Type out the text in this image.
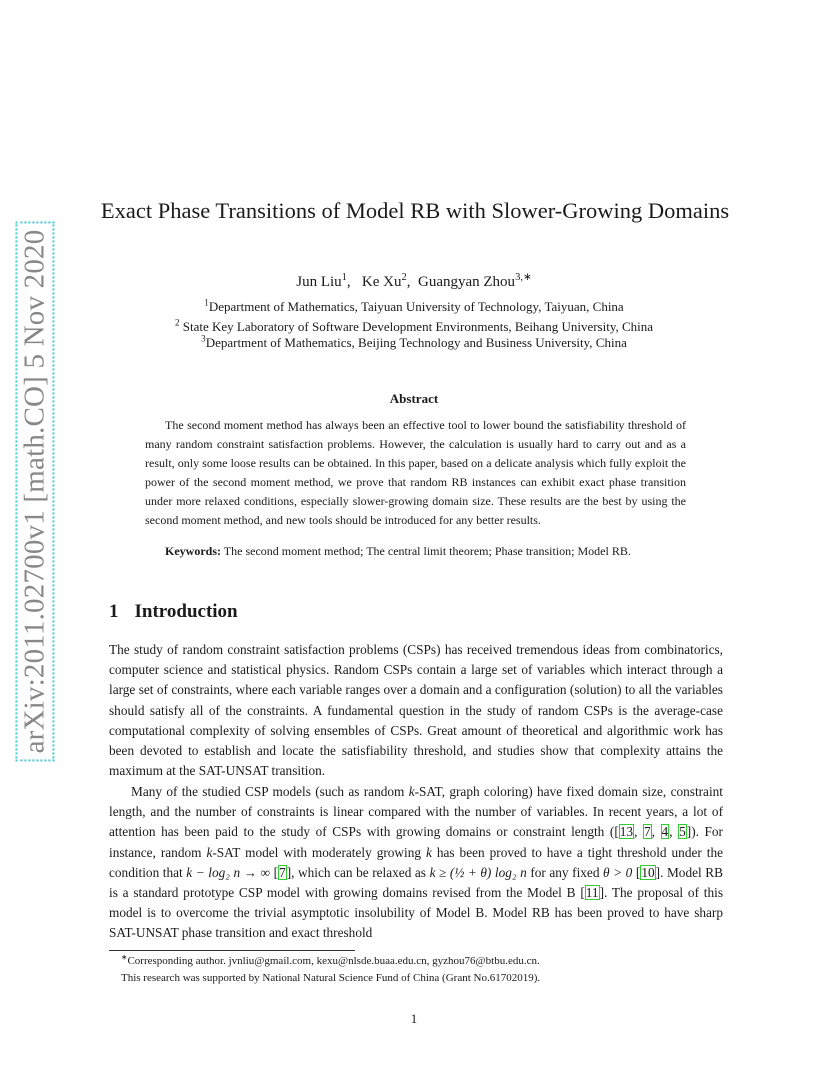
arXiv:2011.02700v1 [math.CO] 5 Nov 2020
Exact Phase Transitions of Model RB with Slower-Growing Domains
Jun Liu$^1$,   Ke Xu$^2$,  Guangyan Zhou$^{3,∗}$
$^1$Department of Mathematics, Taiyuan University of Technology, Taiyuan, China
$^2$ State Key Laboratory of Software Development Environments, Beihang University, China
$^3$Department of Mathematics, Beijing Technology and Business University, China
Abstract

The second moment method has always been an effective tool to lower bound the satisfiability threshold of many random constraint satisfaction problems. However, the calculation is usually hard to carry out and as a result, only some loose results can be obtained. In this paper, based on a delicate analysis which fully exploit the power of the second moment method, we prove that random RB instances can exhibit exact phase transition under more relaxed conditions, especially slower-growing domain size. These results are the best by using the second moment method, and new tools should be introduced for any better results.

Keywords: The second moment method; The central limit theorem; Phase transition; Model RB.

1 Introduction

The study of random constraint satisfaction problems (CSPs) has received tremendous ideas from combinatorics, computer science and statistical physics. Random CSPs contain a large set of variables which interact through a large set of constraints, where each variable ranges over a domain and a configuration (solution) to all the variables should satisfy all of the constraints. A fundamental question in the study of random CSPs is the average-case computational complexity of solving ensembles of CSPs. Great amount of theoretical and algorithmic work has been devoted to establish and locate the satisfiability threshold, and studies show that complexity attains the maximum at the SAT-UNSAT transition.

Many of the studied CSP models (such as random k-SAT, graph coloring) have fixed domain size, constraint length, and the number of constraints is linear compared with the number of variables. In recent years, a lot of attention has been paid to the study of CSPs with growing domains or constraint length ([13, 7, 4, 5]). For instance, random k-SAT model with moderately growing k has been proved to have a tight threshold under the condition that k − log₂ n → ∞ [7], which can be relaxed as k ≥ (½ + θ) log₂ n for any fixed θ > 0 [10]. Model RB is a standard prototype CSP model with growing domains revised from the Model B [11]. The proposal of this model is to overcome the trivial asymptotic insolubility of Model B. Model RB has been proved to have sharp SAT-UNSAT phase transition and exact threshold

∗Corresponding author. jvnliu@gmail.com, kexu@nlsde.buaa.edu.cn, gyzhou76@btbu.edu.cn.

This research was supported by National Natural Science Fund of China (Grant No.61702019).

1
